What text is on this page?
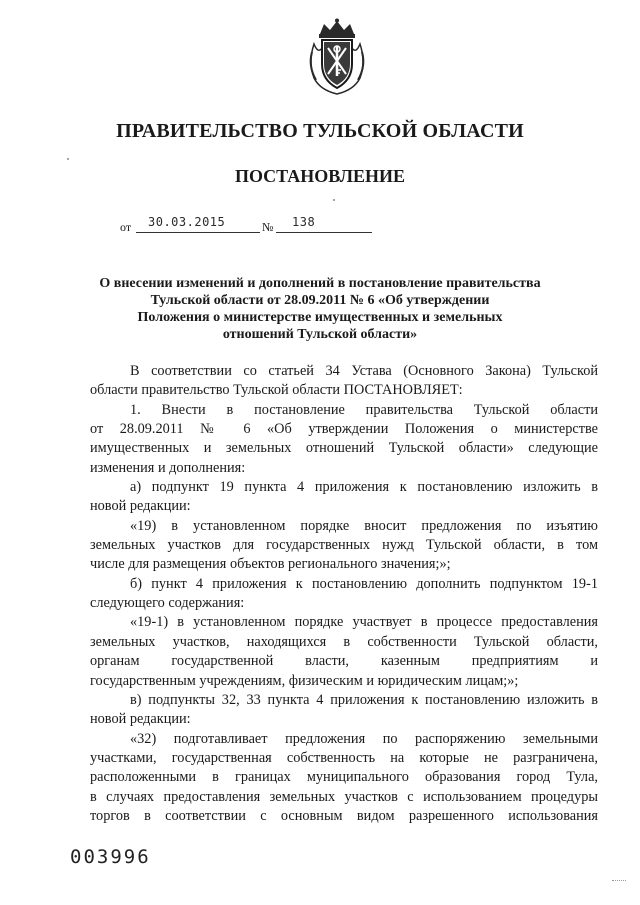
ПРАВИТЕЛЬСТВО ТУЛЬСКОЙ ОБЛАСТИ
ПОСТАНОВЛЕНИЕ
от 30.03.2015	№ 138
О внесении изменений и дополнений в постановление правительства
Тульской области от 28.09.2011 № 6 «Об утверждении
Положения о министерстве имущественных и земельных
отношений Тульской области»
В соответствии со статьей 34 Устава (Основного Закона) Тульской
области правительство Тульской области ПОСТАНОВЛЯЕТ:
1. Внести в постановление правительства Тульской области
от 28.09.2011 № 6 «Об утверждении Положения о министерстве
имущественных и земельных отношений Тульской области» следующие
изменения и дополнения:
а) подпункт 19 пункта 4 приложения к постановлению изложить в
новой редакции:
«19) в установленном порядке вносит предложения по изъятию
земельных участков для государственных нужд Тульской области, в том
числе для размещения объектов регионального значения;»;
б) пункт 4 приложения к постановлению дополнить подпунктом 19-1
следующего содержания:
«19-1) в установленном порядке участвует в процессе предоставления
земельных участков, находящихся в собственности Тульской области,
органам государственной власти, казенным предприятиям и
государственным учреждениям, физическим и юридическим лицам;»;
в) подпункты 32, 33 пункта 4 приложения к постановлению изложить в
новой редакции:
«32) подготавливает предложения по распоряжению земельными
участками, государственная собственность на которые не разграничена,
расположенными в границах муниципального образования город Тула,
в случаях предоставления земельных участков с использованием процедуры
торгов в соответствии с основным видом разрешенного использования
003996
